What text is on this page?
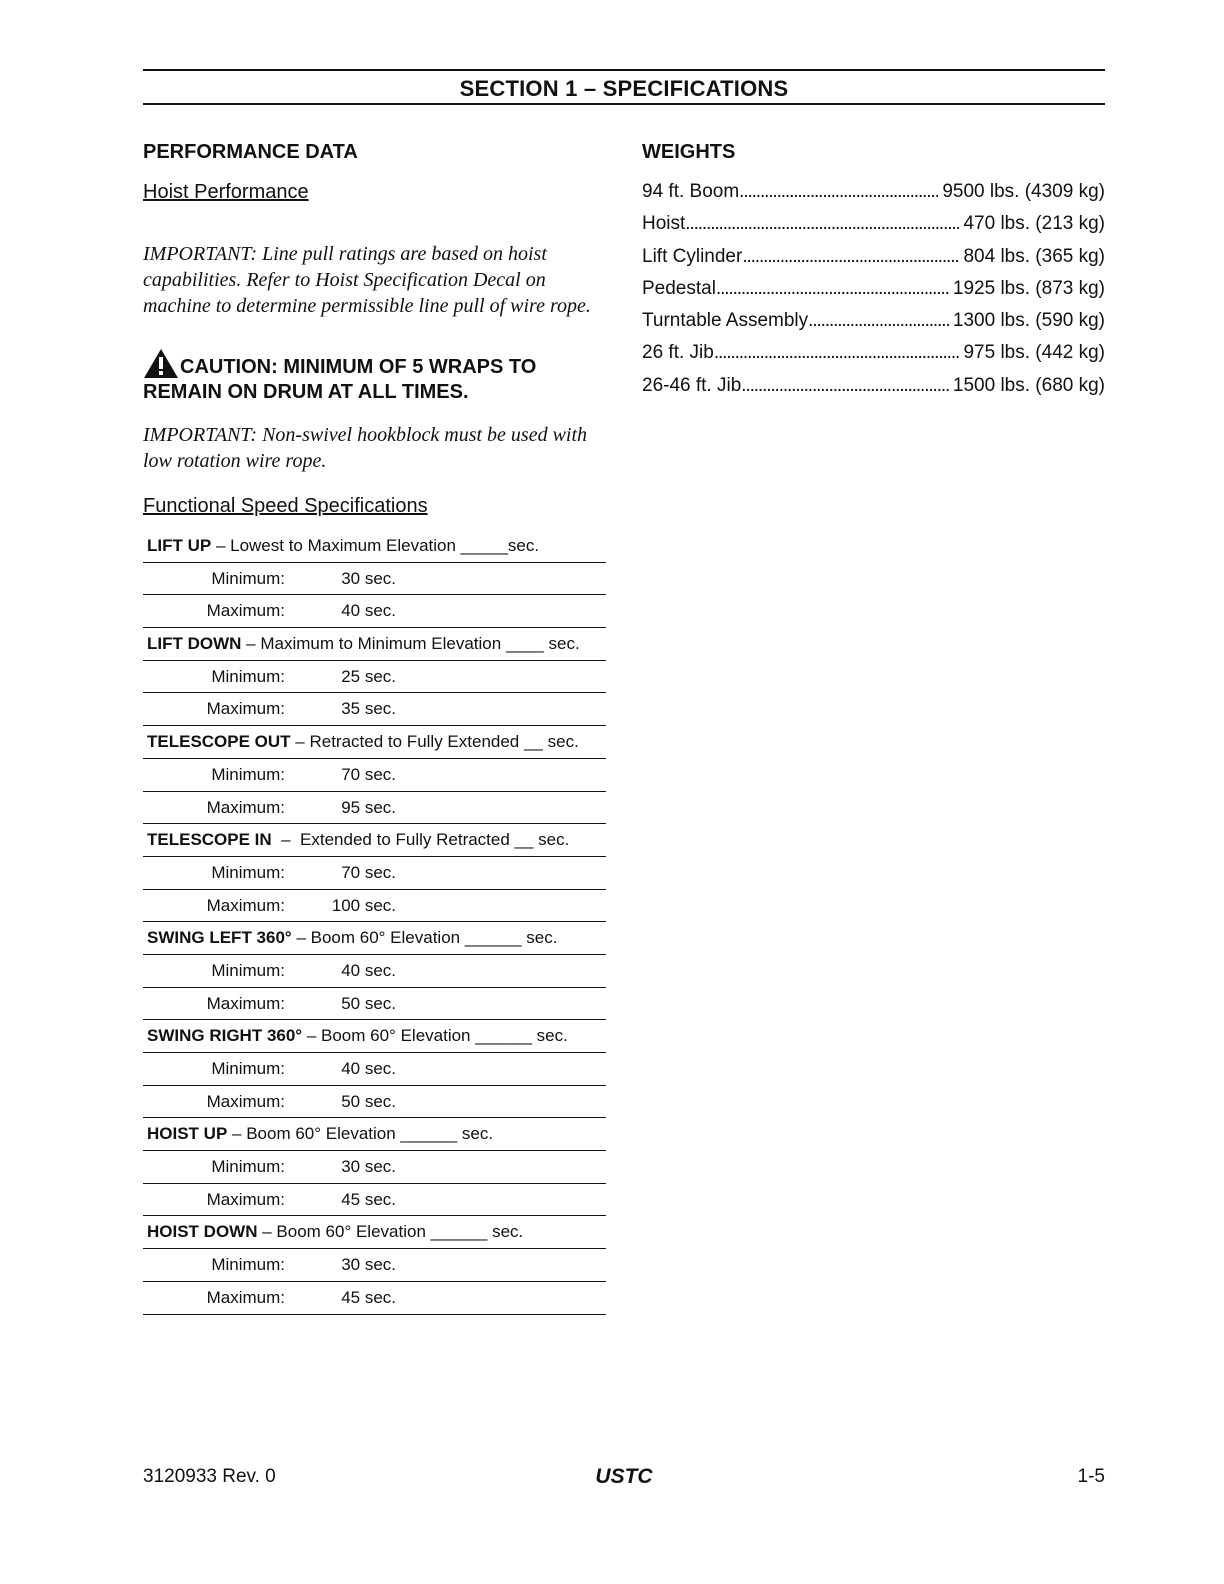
SECTION 1 – SPECIFICATIONS
PERFORMANCE DATA
Hoist Performance
IMPORTANT: Line pull ratings are based on hoist capabilities. Refer to Hoist Specification Decal on machine to determine permissible line pull of wire rope.
CAUTION: MINIMUM OF 5 WRAPS TO
REMAIN ON DRUM AT ALL TIMES.
IMPORTANT: Non-swivel hookblock must be used with low rotation wire rope.
Functional Speed Specifications
LIFT UP – Lowest to Maximum Elevation _____sec.
Minimum:	30 sec.
Maximum:	40 sec.
LIFT DOWN – Maximum to Minimum Elevation ____ sec.
Minimum:	25 sec.
Maximum:	35 sec.
TELESCOPE OUT – Retracted to Fully Extended __ sec.
Minimum:	70 sec.
Maximum:	95 sec.
TELESCOPE IN  –  Extended to Fully Retracted __ sec.
Minimum:	70 sec.
Maximum:	100 sec.
SWING LEFT 360° – Boom 60° Elevation ______ sec.
Minimum:	40 sec.
Maximum:	50 sec.
SWING RIGHT 360° – Boom 60° Elevation ______ sec.
Minimum:	40 sec.
Maximum:	50 sec.
HOIST UP – Boom 60° Elevation ______ sec.
Minimum:	30 sec.
Maximum:	45 sec.
HOIST DOWN – Boom 60° Elevation ______ sec.
Minimum:	30 sec.
Maximum:	45 sec.
WEIGHTS
94 ft. Boom . . .	9500 lbs. (4309 kg)
Hoist . . .	470 lbs. (213 kg)
Lift Cylinder . . .	804 lbs. (365 kg)
Pedestal . . .	1925 lbs. (873 kg)
Turntable Assembly . . .	1300 lbs. (590 kg)
26 ft. Jib . . .	975 lbs. (442 kg)
26-46 ft. Jib . . .	1500 lbs. (680 kg)
3120933 Rev. 0	USTC	1-5
